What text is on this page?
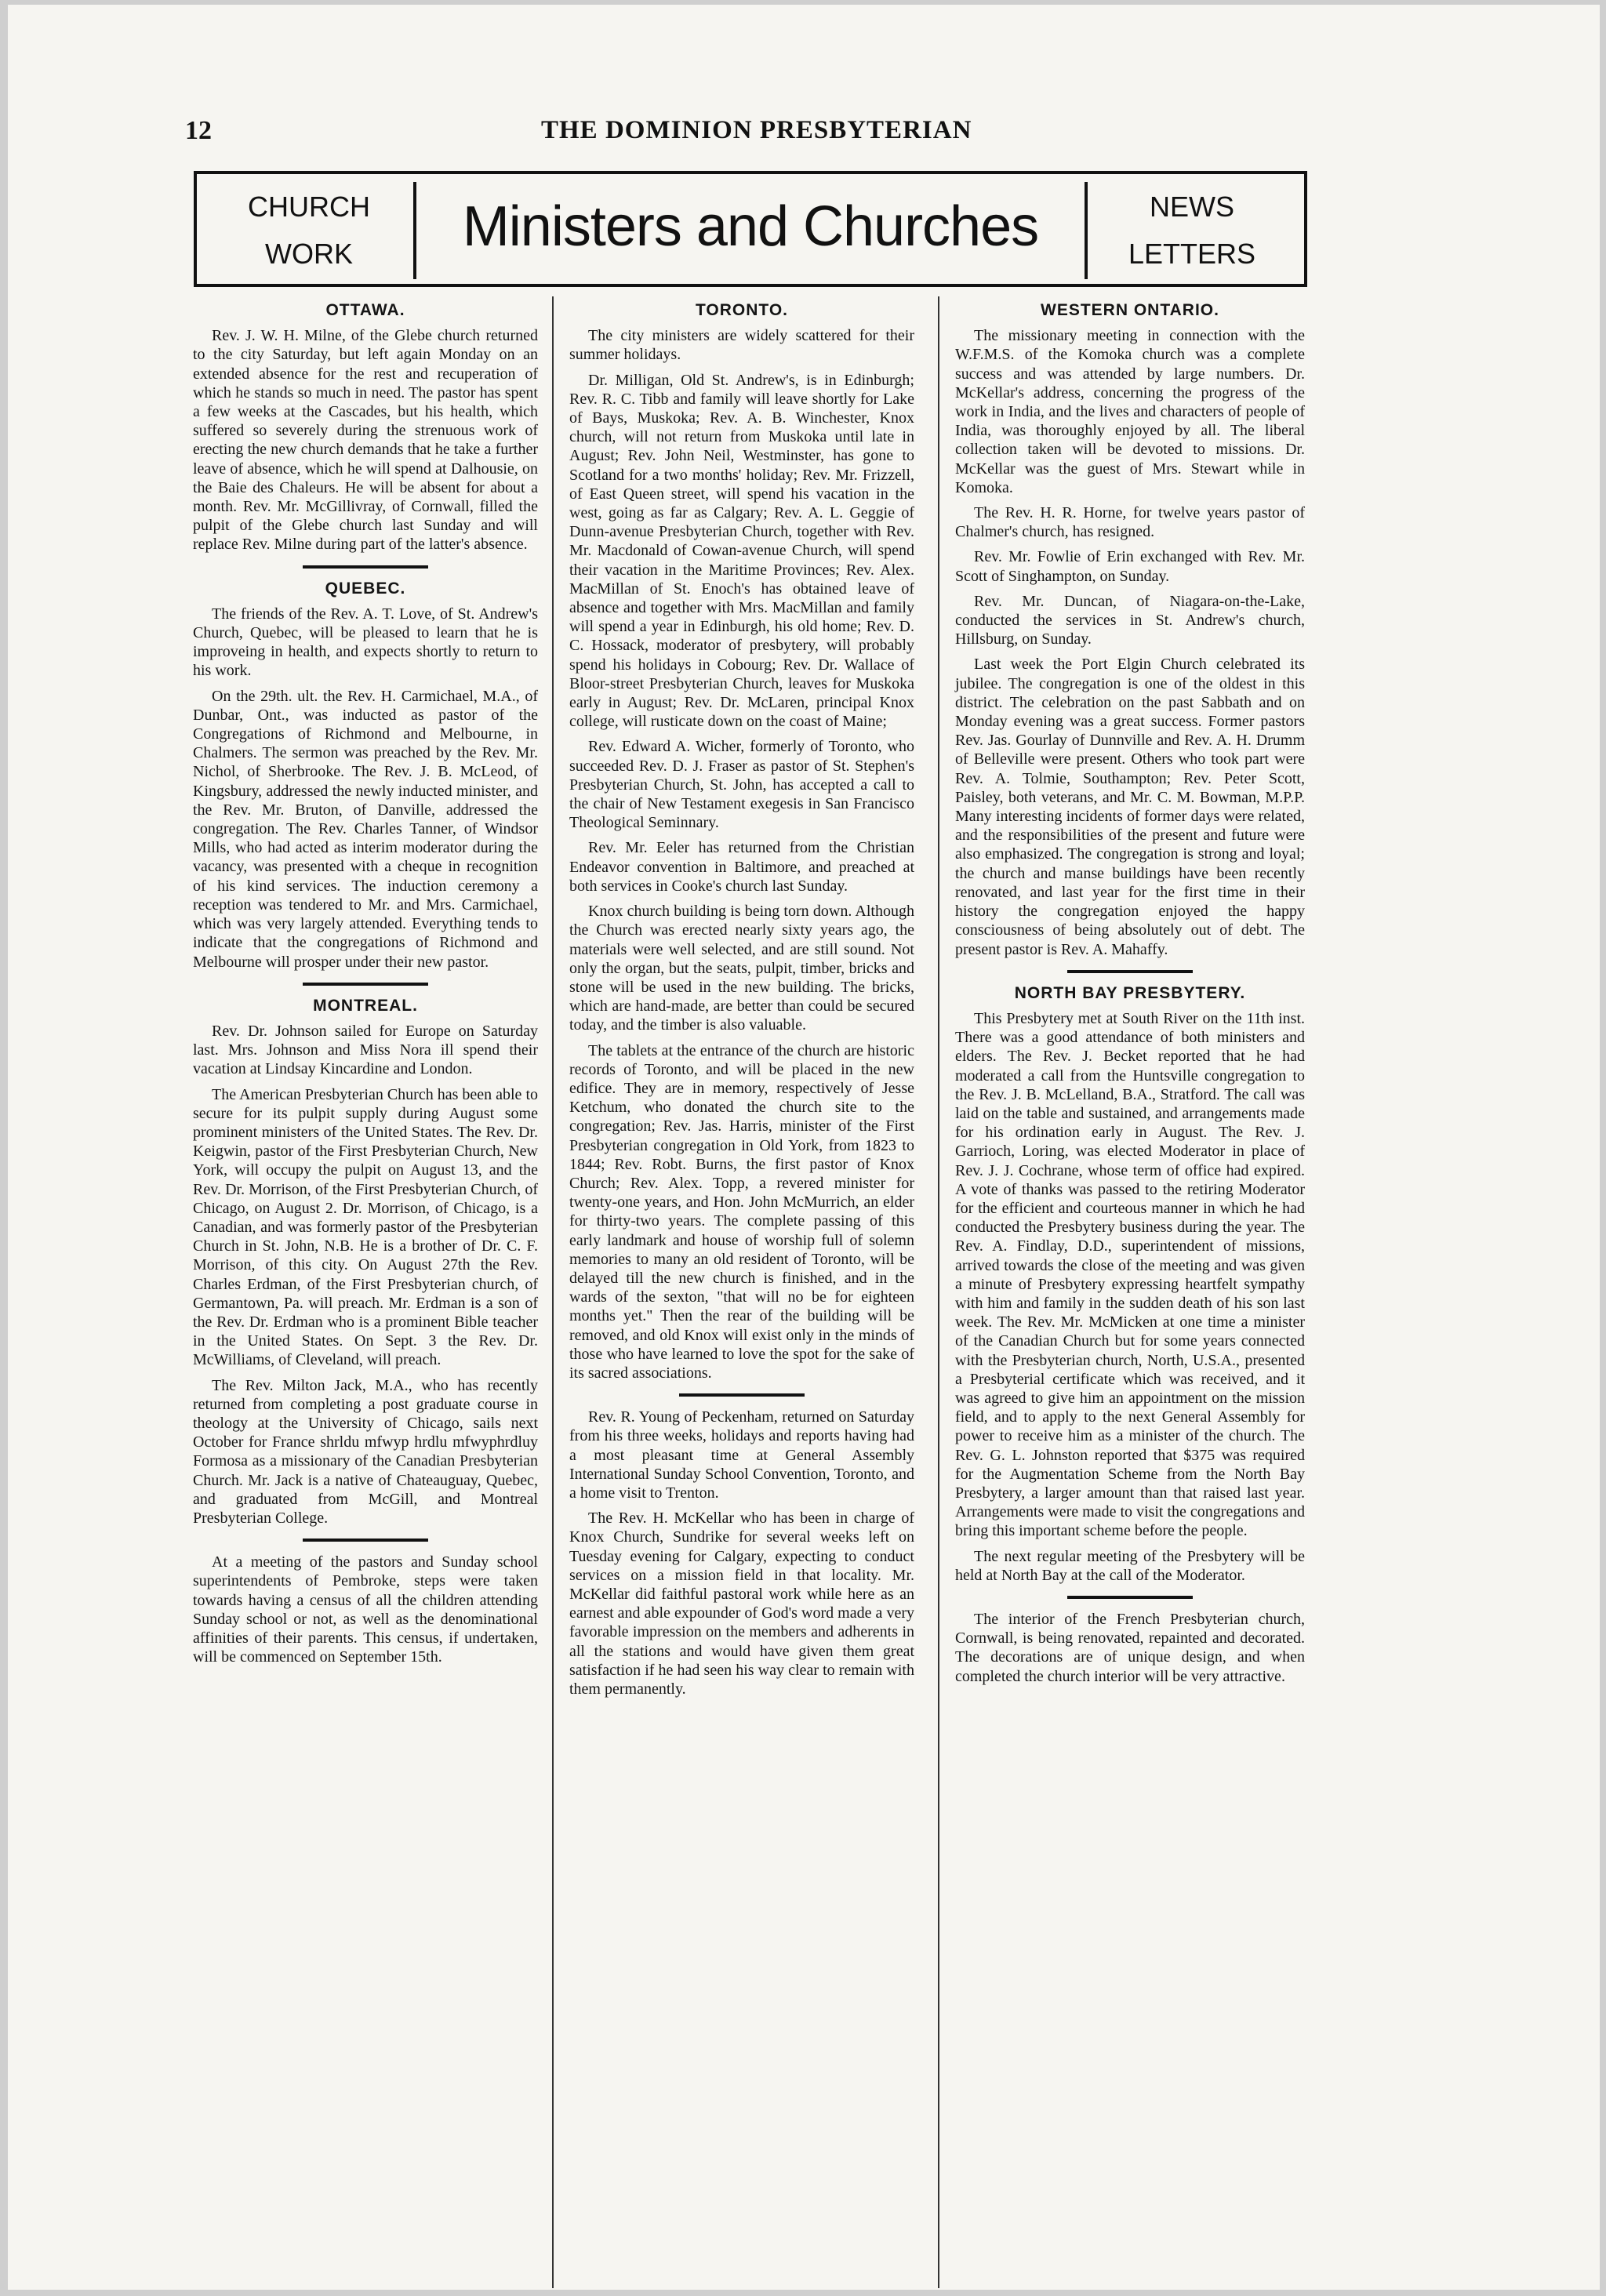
12	THE DOMINION PRESBYTERIAN
CHURCH
WORK	Ministers and Churches	NEWS
LETTERS
OTTAWA.

Rev. J. W. H. Milne, of the Glebe church returned to the city Saturday, but left again Monday on an extended absence for the rest and recuperation of which he stands so much in need. The pastor has spent a few weeks at the Cascades, but his health, which suffered so severely during the strenuous work of erecting the new church demands that he take a further leave of absence, which he will spend at Dalhousie, on the Baie des Chaleurs. He will be absent for about a month. Rev. Mr. McGillivray, of Cornwall, filled the pulpit of the Glebe church last Sunday and will replace Rev. Milne during part of the latter's absence.

QUEBEC.

The friends of the Rev. A. T. Love, of St. Andrew's Church, Quebec, will be pleased to learn that he is improveing in health, and expects shortly to return to his work.

On the 29th. ult. the Rev. H. Carmichael, M.A., of Dunbar, Ont., was inducted as pastor of the Congregations of Richmond and Melbourne, in Chalmers. The sermon was preached by the Rev. Mr. Nichol, of Sherbrooke. The Rev. J. B. McLeod, of Kingsbury, addressed the newly inducted minister, and the Rev. Mr. Bruton, of Danville, addressed the congregation. The Rev. Charles Tanner, of Windsor Mills, who had acted as interim moderator during the vacancy, was presented with a cheque in recognition of his kind services. The induction ceremony a reception was tendered to Mr. and Mrs. Carmichael, which was very largely attended. Everything tends to indicate that the congregations of Richmond and Melbourne will prosper under their new pastor.

MONTREAL.

Rev. Dr. Johnson sailed for Europe on Saturday last. Mrs. Johnson and Miss Nora ill spend their vacation at Lindsay Kincardine and London.

The American Presbyterian Church has been able to secure for its pulpit supply during August some prominent ministers of the United States. The Rev. Dr. Keigwin, pastor of the First Presbyterian Church, New York, will occupy the pulpit on August 13, and the Rev. Dr. Morrison, of the First Presbyterian Church, of Chicago, on August 2. Dr. Morrison, of Chicago, is a Canadian, and was formerly pastor of the Presbyterian Church in St. John, N.B. He is a brother of Dr. C. F. Morrison, of this city. On August 27th the Rev. Charles Erdman, of the First Presbyterian church, of Germantown, Pa. will preach. Mr. Erdman is a son of the Rev. Dr. Erdman who is a prominent Bible teacher in the United States. On Sept. 3 the Rev. Dr. McWilliams, of Cleveland, will preach.

The Rev. Milton Jack, M.A., who has recently returned from completing a post graduate course in theology at the University of Chicago, sails next October for France shrldu mfwyp hrdlu mfwyphrdluy Formosa as a missionary of the Canadian Presbyterian Church. Mr. Jack is a native of Chateauguay, Quebec, and graduated from McGill, and Montreal Presbyterian College.

At a meeting of the pastors and Sunday school superintendents of Pembroke, steps were taken towards having a census of all the children attending Sunday school or not, as well as the denominational affinities of their parents. This census, if undertaken, will be commenced on September 15th.

TORONTO.

The city ministers are widely scattered for their summer holidays.

Dr. Milligan, Old St. Andrew's, is in Edinburgh; Rev. R. C. Tibb and family will leave shortly for Lake of Bays, Muskoka; Rev. A. B. Winchester, Knox church, will not return from Muskoka until late in August; Rev. John Neil, Westminster, has gone to Scotland for a two months' holiday; Rev. Mr. Frizzell, of East Queen street, will spend his vacation in the west, going as far as Calgary; Rev. A. L. Geggie of Dunn-avenue Presbyterian Church, together with Rev. Mr. Macdonald of Cowan-avenue Church, will spend their vacation in the Maritime Provinces; Rev. Alex. MacMillan of St. Enoch's has obtained leave of absence and together with Mrs. MacMillan and family will spend a year in Edinburgh, his old home; Rev. D. C. Hossack, moderator of presbytery, will probably spend his holidays in Cobourg; Rev. Dr. Wallace of Bloor-street Presbyterian Church, leaves for Muskoka early in August; Rev. Dr. McLaren, principal Knox college, will rusticate down on the coast of Maine;

Rev. Edward A. Wicher, formerly of Toronto, who succeeded Rev. D. J. Fraser as pastor of St. Stephen's Presbyterian Church, St. John, has accepted a call to the chair of New Testament exegesis in San Francisco Theological Seminnary.

Rev. Mr. Eeler has returned from the Christian Endeavor convention in Baltimore, and preached at both services in Cooke's church last Sunday.

Knox church building is being torn down. Although the Church was erected nearly sixty years ago, the materials were well selected, and are still sound. Not only the organ, but the seats, pulpit, timber, bricks and stone will be used in the new building. The bricks, which are hand-made, are better than could be secured today, and the timber is also valuable.

The tablets at the entrance of the church are historic records of Toronto, and will be placed in the new edifice. They are in memory, respectively of Jesse Ketchum, who donated the church site to the congregation; Rev. Jas. Harris, minister of the First Presbyterian congregation in Old York, from 1823 to 1844; Rev. Robt. Burns, the first pastor of Knox Church; Rev. Alex. Topp, a revered minister for twenty-one years, and Hon. John McMurrich, an elder for thirty-two years. The complete passing of this early landmark and house of worship full of solemn memories to many an old resident of Toronto, will be delayed till the new church is finished, and in the wards of the sexton, "that will no be for eighteen months yet." Then the rear of the building will be removed, and old Knox will exist only in the minds of those who have learned to love the spot for the sake of its sacred associations.

Rev. R. Young of Peckenham, returned on Saturday from his three weeks, holidays and reports having had a most pleasant time at General Assembly International Sunday School Convention, Toronto, and a home visit to Trenton.

The Rev. H. McKellar who has been in charge of Knox Church, Sundrike for several weeks left on Tuesday evening for Calgary, expecting to conduct services on a mission field in that locality. Mr. McKellar did faithful pastoral work while here as an earnest and able expounder of God's word made a very favorable impression on the members and adherents in all the stations and would have given them great satisfaction if he had seen his way clear to remain with them permanently.

WESTERN ONTARIO.

The missionary meeting in connection with the W.F.M.S. of the Komoka church was a complete success and was attended by large numbers. Dr. McKellar's address, concerning the progress of the work in India, and the lives and characters of people of India, was thoroughly enjoyed by all. The liberal collection taken will be devoted to missions. Dr. McKellar was the guest of Mrs. Stewart while in Komoka.

The Rev. H. R. Horne, for twelve years pastor of Chalmer's church, has resigned.

Rev. Mr. Fowlie of Erin exchanged with Rev. Mr. Scott of Singhampton, on Sunday.

Rev. Mr. Duncan, of Niagara-on-the-Lake, conducted the services in St. Andrew's church, Hillsburg, on Sunday.

Last week the Port Elgin Church celebrated its jubilee. The congregation is one of the oldest in this district. The celebration on the past Sabbath and on Monday evening was a great success. Former pastors Rev. Jas. Gourlay of Dunnville and Rev. A. H. Drumm of Belleville were present. Others who took part were Rev. A. Tolmie, Southampton; Rev. Peter Scott, Paisley, both veterans, and Mr. C. M. Bowman, M.P.P. Many interesting incidents of former days were related, and the responsibilities of the present and future were also emphasized. The congregation is strong and loyal; the church and manse buildings have been recently renovated, and last year for the first time in their history the congregation enjoyed the happy consciousness of being absolutely out of debt. The present pastor is Rev. A. Mahaffy.

NORTH BAY PRESBYTERY.

This Presbytery met at South River on the 11th inst. There was a good attendance of both ministers and elders. The Rev. J. Becket reported that he had moderated a call from the Huntsville congregation to the Rev. J. B. McLelland, B.A., Stratford. The call was laid on the table and sustained, and arrangements made for his ordination early in August. The Rev. J. Garrioch, Loring, was elected Moderator in place of Rev. J. J. Cochrane, whose term of office had expired. A vote of thanks was passed to the retiring Moderator for the efficient and courteous manner in which he had conducted the Presbytery business during the year. The Rev. A. Findlay, D.D., superintendent of missions, arrived towards the close of the meeting and was given a minute of Presbytery expressing heartfelt sympathy with him and family in the sudden death of his son last week. The Rev. Mr. McMicken at one time a minister of the Canadian Church but for some years connected with the Presbyterian church, North, U.S.A., presented a Presbyterial certificate which was received, and it was agreed to give him an appointment on the mission field, and to apply to the next General Assembly for power to receive him as a minister of the church. The Rev. G. L. Johnston reported that $375 was required for the Augmentation Scheme from the North Bay Presbytery, a larger amount than that raised last year. Arrangements were made to visit the congregations and bring this important scheme before the people.

The next regular meeting of the Presbytery will be held at North Bay at the call of the Moderator.

The interior of the French Presbyterian church, Cornwall, is being renovated, repainted and decorated. The decorations are of unique design, and when completed the church interior will be very attractive.
